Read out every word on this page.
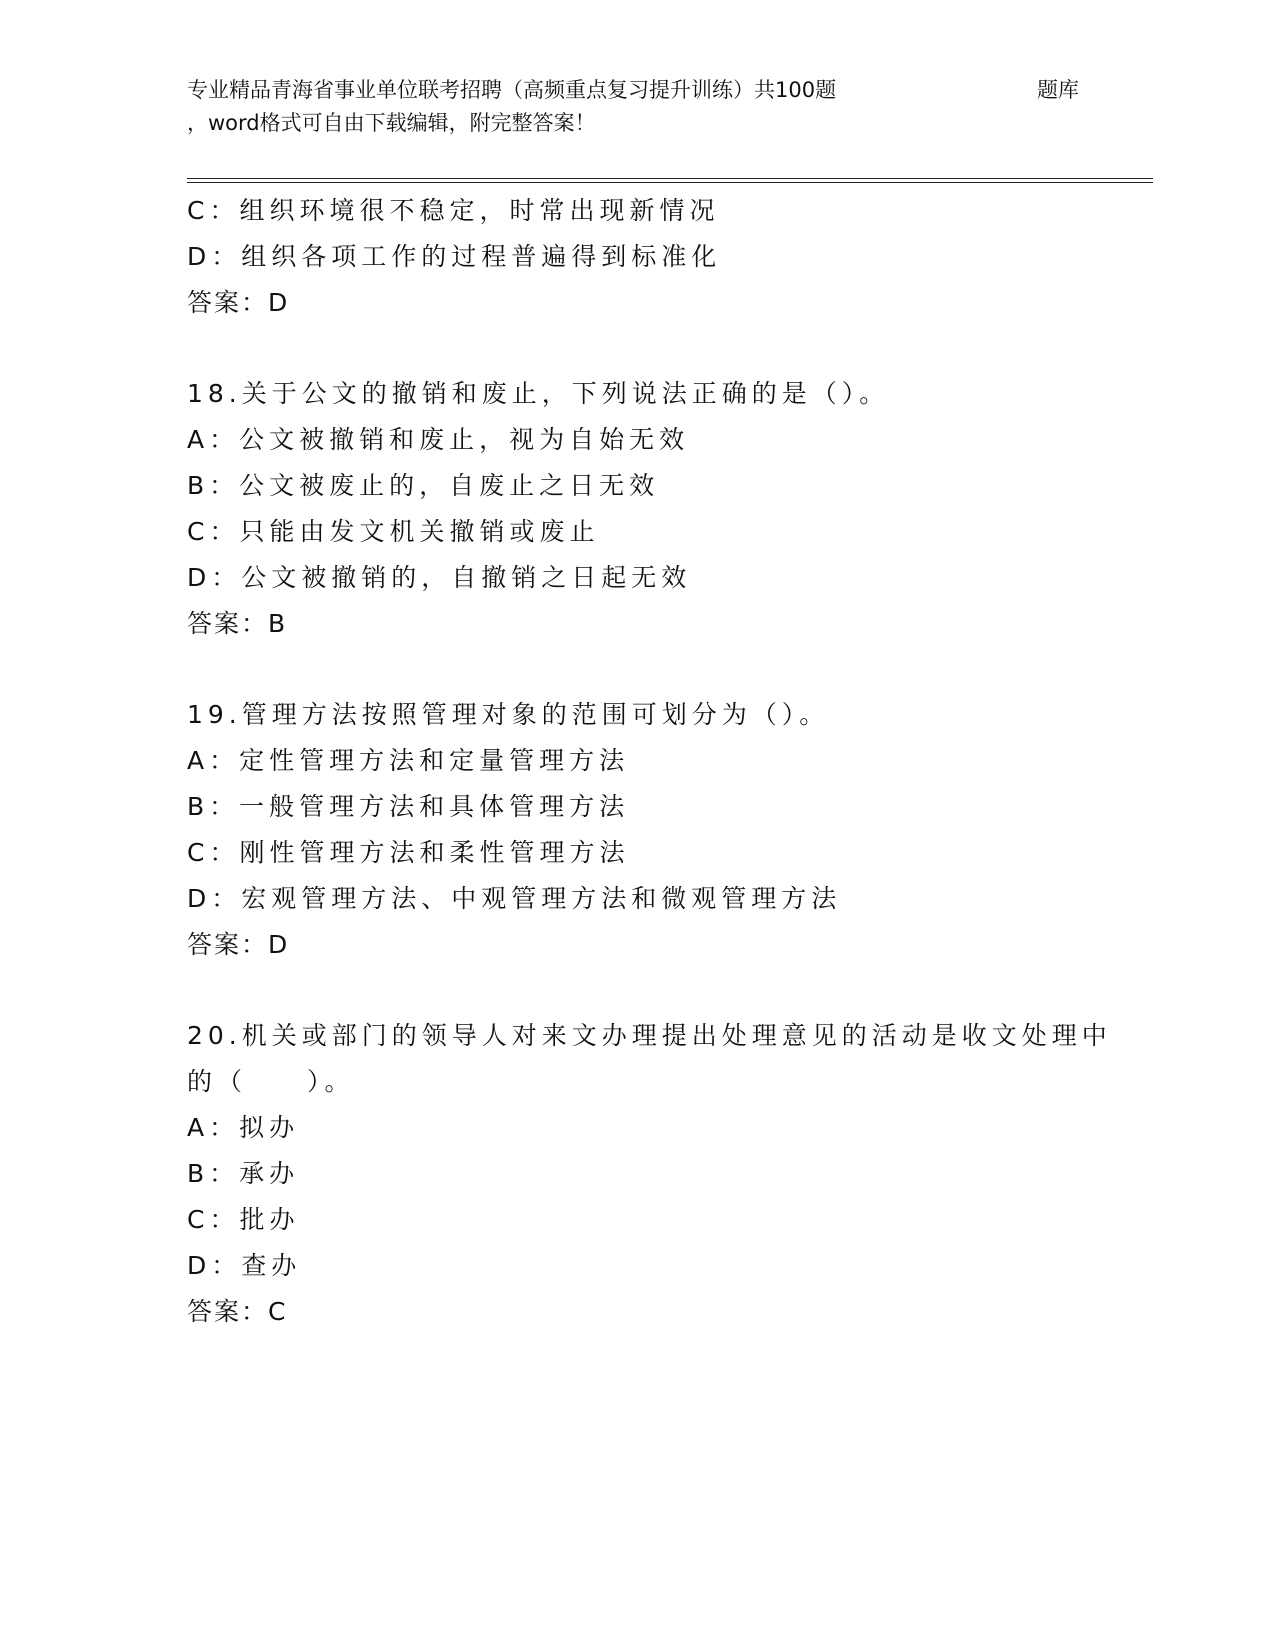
专业精品青海省事业单位联考招聘（高频重点复习提升训练）共100题	题库
，word格式可自由下载编辑，附完整答案！
C：组织环境很不稳定，时常出现新情况
D：组织各项工作的过程普遍得到标准化
答案：D
18.关于公文的撤销和废止，下列说法正确的是（）。
A：公文被撤销和废止，视为自始无效
B：公文被废止的，自废止之日无效
C：只能由发文机关撤销或废止
D：公文被撤销的，自撤销之日起无效
答案：B
19.管理方法按照管理对象的范围可划分为（）。
A：定性管理方法和定量管理方法
B：一般管理方法和具体管理方法
C：刚性管理方法和柔性管理方法
D：宏观管理方法、中观管理方法和微观管理方法
答案：D
20.机关或部门的领导人对来文办理提出处理意见的活动是收文处理中
的（　　）。
A：拟办
B：承办
C：批办
D：查办
答案：C
